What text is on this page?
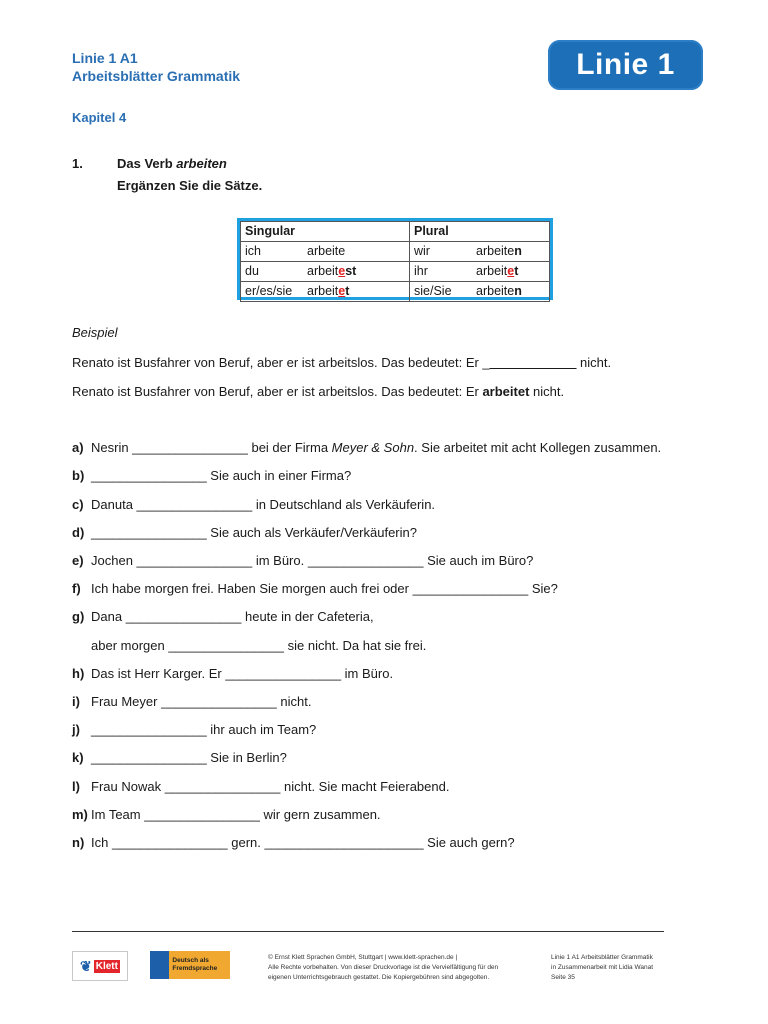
Linie 1 A1
Arbeitsblätter Grammatik	Linie 1
Kapitel 4
1.	Das Verb arbeiten
Ergänzen Sie die Sätze.
Singular	Plural
ich arbeite	wir arbeiten
du arbeitest	ihr arbeitet
er/es/sie arbeitet	sie/Sie arbeiten
Beispiel
Renato ist Busfahrer von Beruf, aber er ist arbeitslos. Das bedeutet: Er _____________ nicht.
Renato ist Busfahrer von Beruf, aber er ist arbeitslos. Das bedeutet: Er arbeitet nicht.
a) Nesrin ________________ bei der Firma Meyer & Sohn. Sie arbeitet mit acht Kollegen zusammen.
b) ________________ Sie auch in einer Firma?
c) Danuta ________________ in Deutschland als Verkäuferin.
d) ________________ Sie auch als Verkäufer/Verkäuferin?
e) Jochen ________________ im Büro. ________________ Sie auch im Büro?
f) Ich habe morgen frei. Haben Sie morgen auch frei oder ________________ Sie?
g) Dana ________________ heute in der Cafeteria,
aber morgen ________________ sie nicht. Da hat sie frei.
h) Das ist Herr Karger. Er ________________ im Büro.
i) Frau Meyer ________________ nicht.
j) ________________ ihr auch im Team?
k) ________________ Sie in Berlin?
l) Frau Nowak ________________ nicht. Sie macht Feierabend.
m) Im Team ________________ wir gern zusammen.
n) Ich ________________ gern. ______________________ Sie auch gern?
❦ Klett	Deutsch als Fremdsprache
© Ernst Klett Sprachen GmbH, Stuttgart | www.klett-sprachen.de |
Alle Rechte vorbehalten. Von dieser Druckvorlage ist die Vervielfältigung für den
eigenen Unterrichtsgebrauch gestattet. Die Kopiergebühren sind abgegolten.
Linie 1 A1 Arbeitsblätter Grammatik
in Zusammenarbeit mit Lidia Wanat
Seite 35
